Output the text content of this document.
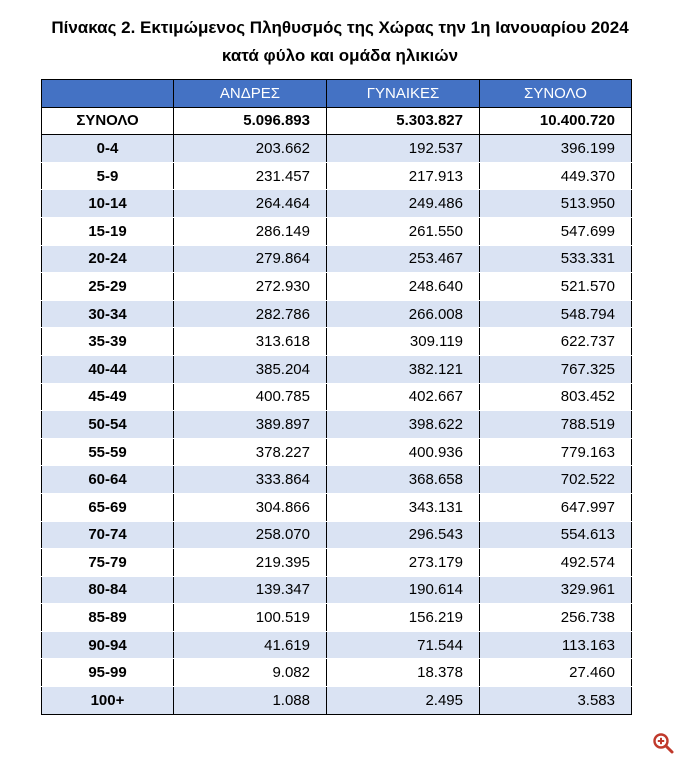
Πίνακας 2. Εκτιμώμενος Πληθυσμός της Χώρας την 1η Ιανουαρίου 2024
κατά φύλο και ομάδα ηλικιών
	ΑΝΔΡΕΣ	ΓΥΝΑΙΚΕΣ	ΣΥΝΟΛΟ
ΣΥΝΟΛΟ	5.096.893	5.303.827	10.400.720
0-4	203.662	192.537	396.199
5-9	231.457	217.913	449.370
10-14	264.464	249.486	513.950
15-19	286.149	261.550	547.699
20-24	279.864	253.467	533.331
25-29	272.930	248.640	521.570
30-34	282.786	266.008	548.794
35-39	313.618	309.119	622.737
40-44	385.204	382.121	767.325
45-49	400.785	402.667	803.452
50-54	389.897	398.622	788.519
55-59	378.227	400.936	779.163
60-64	333.864	368.658	702.522
65-69	304.866	343.131	647.997
70-74	258.070	296.543	554.613
75-79	219.395	273.179	492.574
80-84	139.347	190.614	329.961
85-89	100.519	156.219	256.738
90-94	41.619	71.544	113.163
95-99	9.082	18.378	27.460
100+	1.088	2.495	3.583
